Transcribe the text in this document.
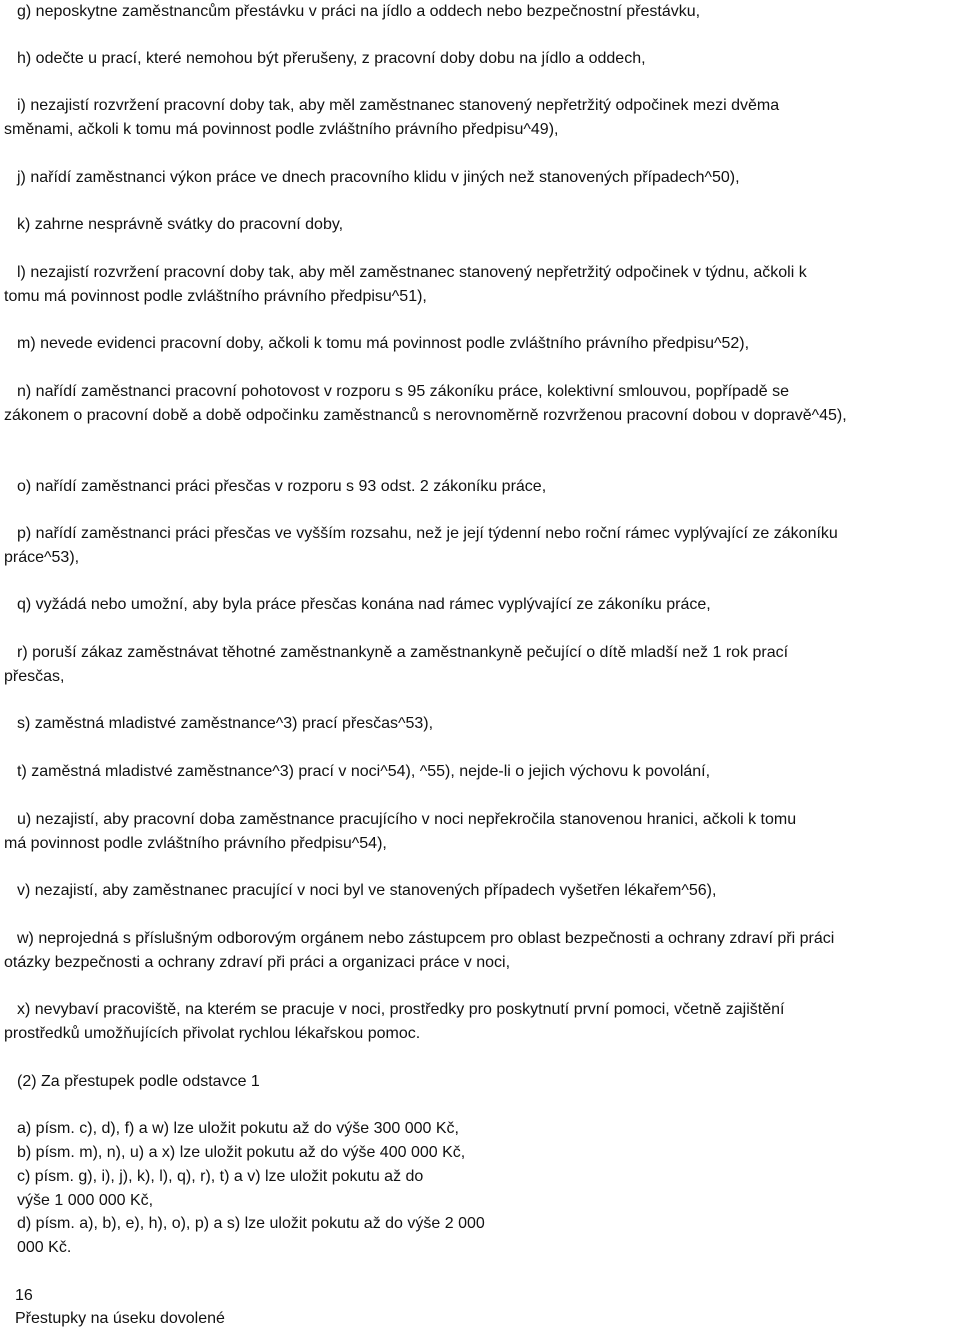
g) neposkytne zaměstnancům přestávku v práci na jídlo a oddech nebo bezpečnostní přestávku,

h) odečte u prací, které nemohou být přerušeny, z pracovní doby dobu na jídlo a oddech,

i) nezajistí rozvržení pracovní doby tak, aby měl zaměstnanec stanovený nepřetržitý odpočinek mezi dvěma
směnami, ačkoli k tomu má povinnost podle zvláštního právního předpisu^49),

j) nařídí zaměstnanci výkon práce ve dnech pracovního klidu v jiných než stanovených případech^50),

k) zahrne nesprávně svátky do pracovní doby,

l) nezajistí rozvržení pracovní doby tak, aby měl zaměstnanec stanovený nepřetržitý odpočinek v týdnu, ačkoli k
tomu má povinnost podle zvláštního právního předpisu^51),

m) nevede evidenci pracovní doby, ačkoli k tomu má povinnost podle zvláštního právního předpisu^52),

n) nařídí zaměstnanci pracovní pohotovost v rozporu s 95 zákoníku práce, kolektivní smlouvou, popřípadě se
zákonem o pracovní době a době odpočinku zaměstnanců s nerovnoměrně rozvrženou pracovní dobou v dopravě^45),

o) nařídí zaměstnanci práci přesčas v rozporu s 93 odst. 2 zákoníku práce,

p) nařídí zaměstnanci práci přesčas ve vyšším rozsahu, než je její týdenní nebo roční rámec vyplývající ze zákoníku
práce^53),

q) vyžádá nebo umožní, aby byla práce přesčas konána nad rámec vyplývající ze zákoníku práce,

r) poruší zákaz zaměstnávat těhotné zaměstnankyně a zaměstnankyně pečující o dítě mladší než 1 rok prací
přesčas,

s) zaměstná mladistvé zaměstnance^3) prací přesčas^53),

t) zaměstná mladistvé zaměstnance^3) prací v noci^54), ^55), nejde-li o jejich výchovu k povolání,

u) nezajistí, aby pracovní doba zaměstnance pracujícího v noci nepřekročila stanovenou hranici, ačkoli k tomu
má povinnost podle zvláštního právního předpisu^54),

v) nezajistí, aby zaměstnanec pracující v noci byl ve stanovených případech vyšetřen lékařem^56),

w) neprojedná s příslušným odborovým orgánem nebo zástupcem pro oblast bezpečnosti a ochrany zdraví při práci
otázky bezpečnosti a ochrany zdraví při práci a organizaci práce v noci,

x) nevybaví pracoviště, na kterém se pracuje v noci, prostředky pro poskytnutí první pomoci, včetně zajištění
prostředků umožňujících přivolat rychlou lékařskou pomoc.

(2) Za přestupek podle odstavce 1

a) písm. c), d), f) a w) lze uložit pokutu až do výše 300 000 Kč,

b) písm. m), n), u) a x) lze uložit pokutu až do výše 400 000 Kč,

c) písm. g), i), j), k), l), q), r), t) a v) lze uložit pokutu až do

výše 1 000 000 Kč,

d) písm. a), b), e), h), o), p) a s) lze uložit pokutu až do výše 2 000

000 Kč.

16

Přestupky na úseku dovolené
